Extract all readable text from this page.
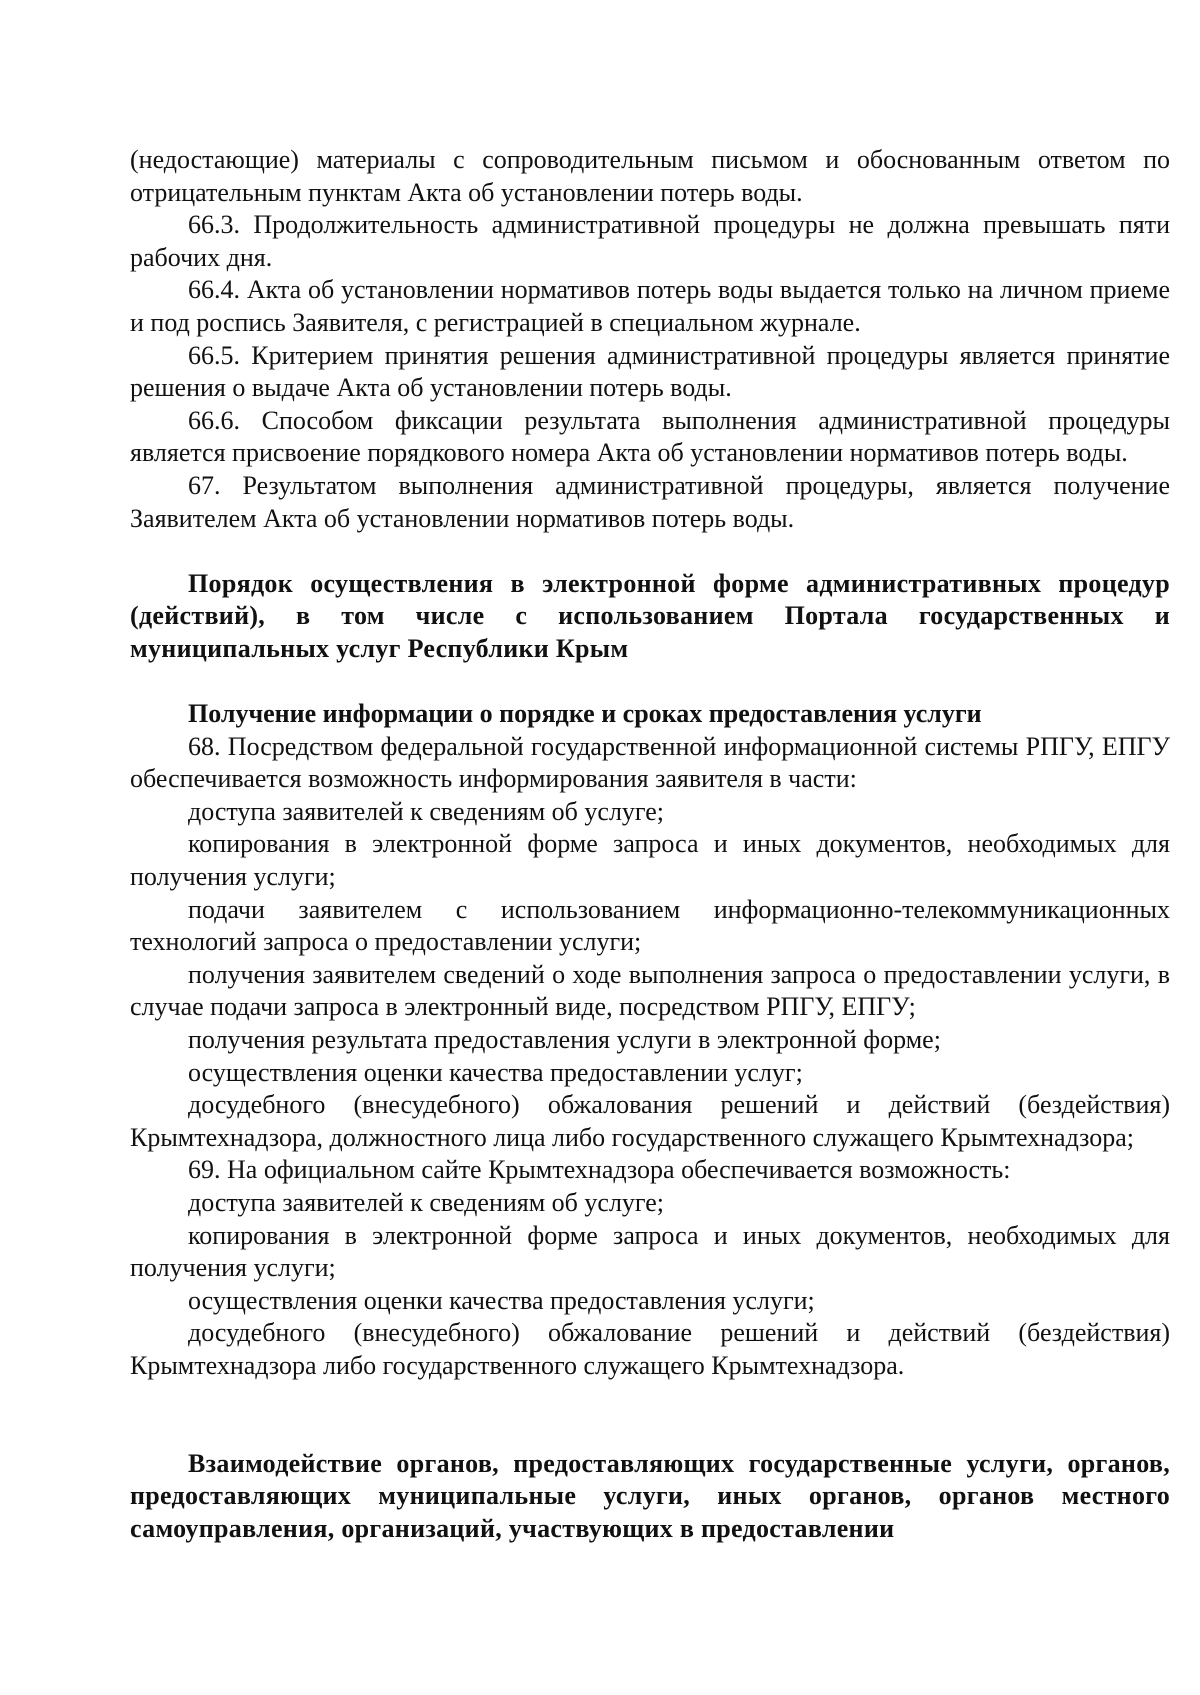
(недостающие) материалы с сопроводительным письмом и обоснованным ответом по отрицательным пунктам Акта об установлении потерь воды.

66.3. Продолжительность административной процедуры не должна превышать пяти рабочих дня.

66.4. Акта об установлении нормативов потерь воды выдается только на личном приеме и под роспись Заявителя, с регистрацией в специальном журнале.

66.5. Критерием принятия решения административной процедуры является принятие решения о выдаче Акта об установлении потерь воды.

66.6. Способом фиксации результата выполнения административной процедуры является присвоение порядкового номера Акта об установлении нормативов потерь воды.

67. Результатом выполнения административной процедуры, является получение Заявителем Акта об установлении нормативов потерь воды.

Порядок осуществления в электронной форме административных процедур (действий), в том числе с использованием Портала государственных и муниципальных услуг Республики Крым

Получение информации о порядке и сроках предоставления услуги

68. Посредством федеральной государственной информационной системы РПГУ, ЕПГУ обеспечивается возможность информирования заявителя в части:

доступа заявителей к сведениям об услуге;

копирования в электронной форме запроса и иных документов, необходимых для получения услуги;

подачи заявителем с использованием информационно-телекоммуникационных технологий запроса о предоставлении услуги;

получения заявителем сведений о ходе выполнения запроса о предоставлении услуги, в случае подачи запроса в электронный виде, посредством РПГУ, ЕПГУ;

получения результата предоставления услуги в электронной форме;

осуществления оценки качества предоставлении услуг;

досудебного (внесудебного) обжалования решений и действий (бездействия) Крымтехнадзора, должностного лица либо государственного служащего Крымтехнадзора;

69. На официальном сайте Крымтехнадзора обеспечивается возможность:

доступа заявителей к сведениям об услуге;

копирования в электронной форме запроса и иных документов, необходимых для получения услуги;

осуществления оценки качества предоставления услуги;

досудебного (внесудебного) обжалование решений и действий (бездействия) Крымтехнадзора либо государственного служащего Крымтехнадзора.

Взаимодействие органов, предоставляющих государственные услуги, органов, предоставляющих муниципальные услуги, иных органов, органов местного самоуправления, организаций, участвующих в предоставлении
